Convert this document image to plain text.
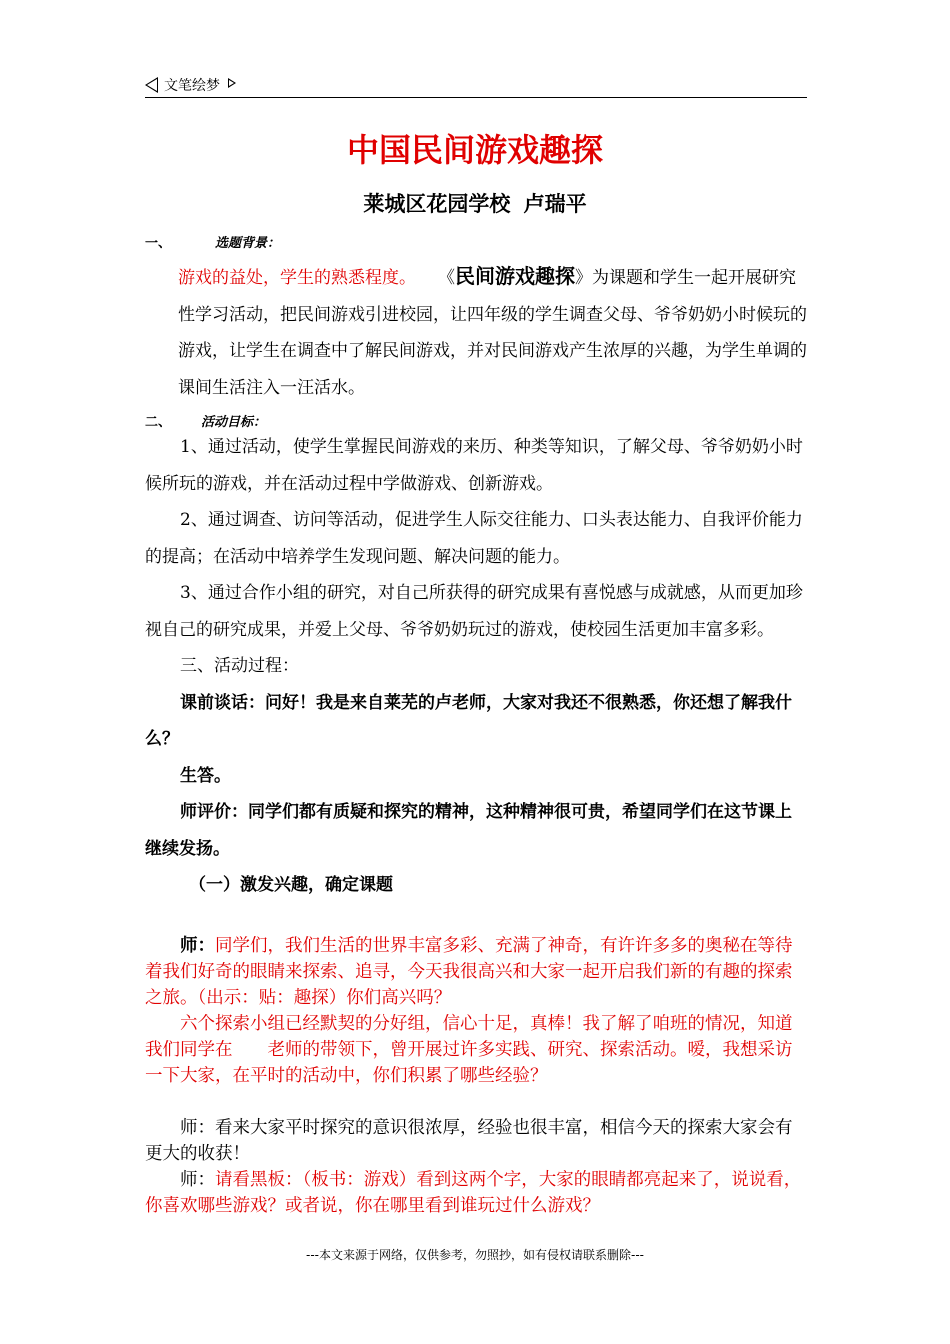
文笔绘梦
中国民间游戏趣探
莱城区花园学校 卢瑞平
一、	选题背景：
游戏的益处，学生的熟悉程度。 《民间游戏趣探》为课题和学生一起开展研究性学习活动，把民间游戏引进校园，让四年级的学生调查父母、爷爷奶奶小时候玩的游戏，让学生在调查中了解民间游戏，并对民间游戏产生浓厚的兴趣，为学生单调的课间生活注入一汪活水。
二、 活动目标：

1、通过活动，使学生掌握民间游戏的来历、种类等知识，了解父母、爷爷奶奶小时候所玩的游戏，并在活动过程中学做游戏、创新游戏。

2、通过调查、访问等活动，促进学生人际交往能力、口头表达能力、自我评价能力的提高；在活动中培养学生发现问题、解决问题的能力。

3、通过合作小组的研究，对自己所获得的研究成果有喜悦感与成就感，从而更加珍视自己的研究成果，并爱上父母、爷爷奶奶玩过的游戏，使校园生活更加丰富多彩。

三、活动过程：

课前谈话：问好！我是来自莱芜的卢老师，大家对我还不很熟悉，你还想了解我什么？

生答。

师评价：同学们都有质疑和探究的精神，这种精神很可贵，希望同学们在这节课上继续发扬。

（一）激发兴趣，确定课题

师：同学们，我们生活的世界丰富多彩、充满了神奇，有许许多多的奥秘在等待着我们好奇的眼睛来探索、追寻，今天我很高兴和大家一起开启我们新的有趣的探索之旅。（出示：贴：趣探）你们高兴吗？

六个探索小组已经默契的分好组，信心十足，真棒！我了解了咱班的情况，知道我们同学在　　老师的带领下，曾开展过许多实践、研究、探索活动。嗳，我想采访一下大家，在平时的活动中，你们积累了哪些经验？

师：看来大家平时探究的意识很浓厚，经验也很丰富，相信今天的探索大家会有更大的收获！

师：请看黑板：（板书：游戏）看到这两个字，大家的眼睛都亮起来了，说说看，你喜欢哪些游戏？或者说，你在哪里看到谁玩过什么游戏？

---本文来源于网络，仅供参考，勿照抄，如有侵权请联系删除---
